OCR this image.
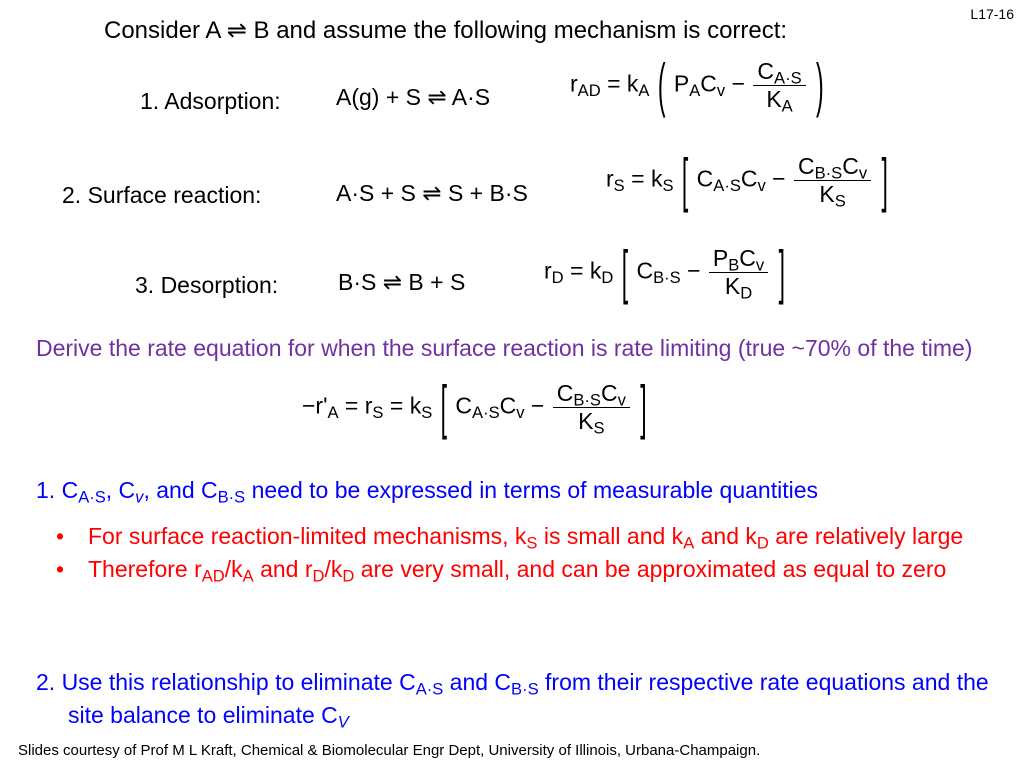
L17-16
Consider A ⇌ B and assume the following mechanism is correct:
1. Adsorption: A(g) + S ⇌ A·S
2. Surface reaction:	A·S + S ⇌ S + B·S
3. Desorption:	B·S ⇌ B + S
$r_{AD} = k_A$ ( $P_AC_v - \frac{C_{A\cdot S}}{K_A}$ )
$r_S = k_S$ [ $C_{A\cdot S}C_v - \frac{C_{B\cdot S}C_v}{K_S}$ ]
$r_D = k_D$ [ $C_{B\cdot S} - \frac{P_BC_v}{K_D}$ ]
Derive the rate equation for when the surface reaction is rate limiting (true ~70% of the time)
$-r'_A = r_S = k_S$ [ $C_{A\cdot S}C_v - \frac{C_{B\cdot S}C_v}{K_S}$ ]
1. $C_{A\cdot S}$, $C_v$, and $C_{B\cdot S}$ need to be expressed in terms of measurable quantities
• For surface reaction-limited mechanisms, $k_S$ is small and $k_A$ and $k_D$ are relatively large
• Therefore $r_{AD}/k_A$ and $r_D/k_D$ are very small, and can be approximated as equal to zero
2. Use this relationship to eliminate $C_{A\cdot S}$ and $C_{B\cdot S}$ from their respective rate equations and the site balance to eliminate $C_V$
Slides courtesy of Prof M L Kraft, Chemical & Biomolecular Engr Dept, University of Illinois, Urbana-Champaign.
